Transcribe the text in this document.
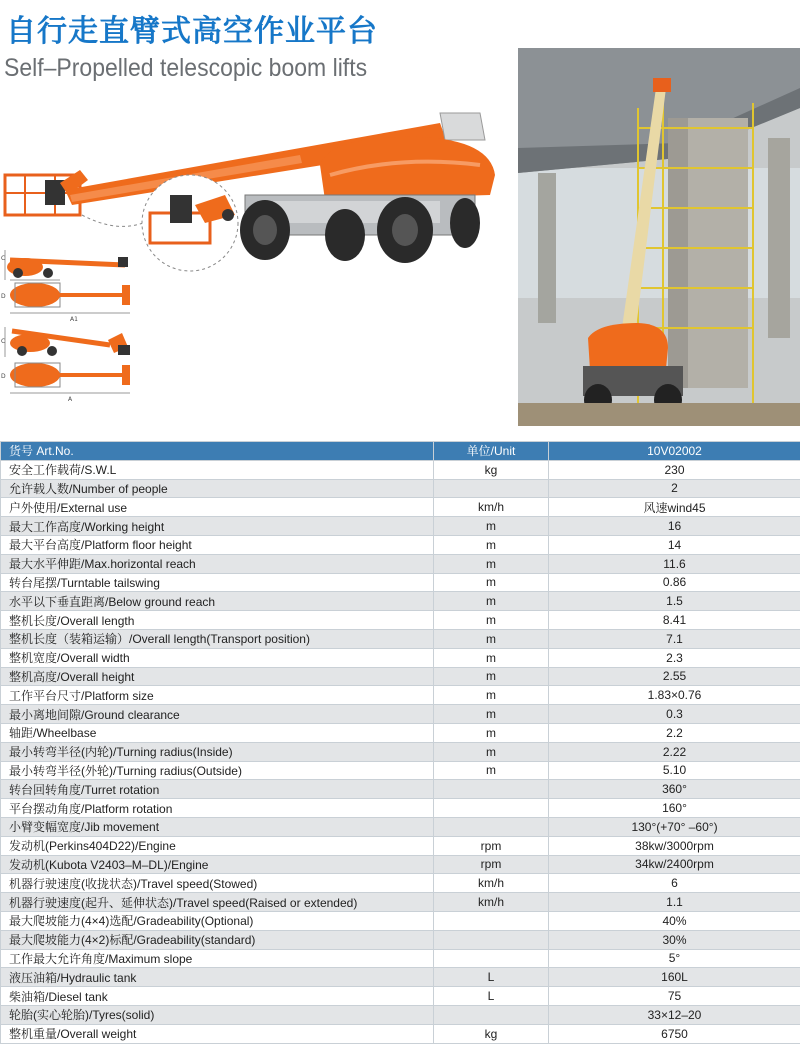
自行走直臂式高空作业平台
Self–Propelled telescopic boom lifts
C
A1
D
C
A
D
货号 Art.No.	单位/Unit	10V02002
安全工作载荷/S.W.L	kg	230
允许载人数/Number of people		2
户外使用/External use	km/h	风速wind45
最大工作高度/Working height	m	16
最大平台高度/Platform floor height	m	14
最大水平伸距/Max.horizontal reach	m	11.6
转台尾摆/Turntable tailswing	m	0.86
水平以下垂直距离/Below ground reach	m	1.5
整机长度/Overall length	m	8.41
整机长度（装箱运输）/Overall length(Transport position)	m	7.1
整机宽度/Overall width	m	2.3
整机高度/Overall height	m	2.55
工作平台尺寸/Platform size	m	1.83×0.76
最小离地间隙/Ground clearance	m	0.3
轴距/Wheelbase	m	2.2
最小转弯半径(内轮)/Turning radius(Inside)	m	2.22
最小转弯半径(外轮)/Turning radius(Outside)	m	5.10
转台回转角度/Turret rotation		360°
平台摆动角度/Platform rotation		160°
小臂变幅宽度/Jib movement		130°(+70° –60°)
发动机(Perkins404D22)/Engine	rpm	38kw/3000rpm
发动机(Kubota V2403–M–DL)/Engine	rpm	34kw/2400rpm
机器行驶速度(收拢状态)/Travel speed(Stowed)	km/h	6
机器行驶速度(起升、延伸状态)/Travel speed(Raised or extended)	km/h	1.1
最大爬坡能力(4×4)选配/Gradeability(Optional)		40%
最大爬坡能力(4×2)标配/Gradeability(standard)		30%
工作最大允许角度/Maximum slope		5°
液压油箱/Hydraulic tank	L	160L
柴油箱/Diesel tank	L	75
轮胎(实心轮胎)/Tyres(solid)		33×12–20
整机重量/Overall weight	kg	6750
